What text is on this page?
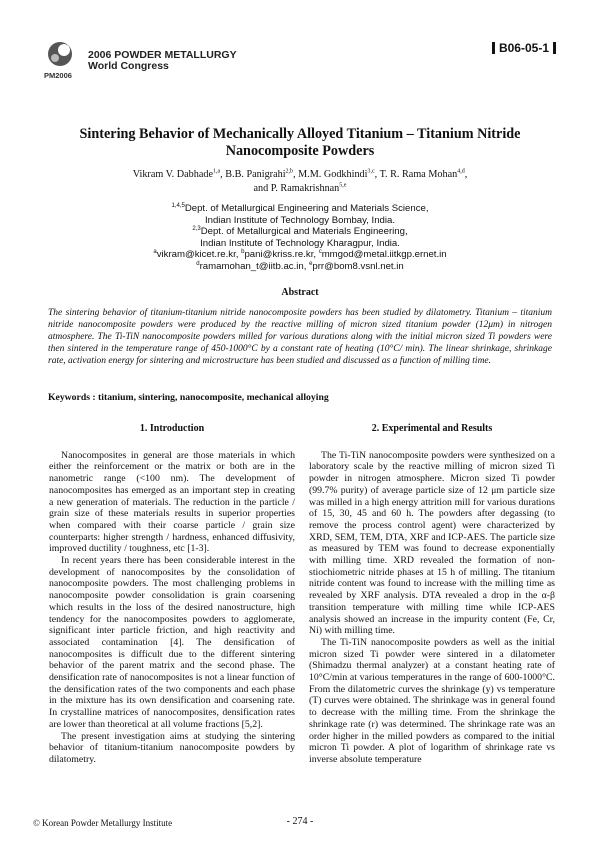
PM2006
2006 POWDER METALLURGY
World Congress
B06-05-1
Sintering Behavior of Mechanically Alloyed Titanium – Titanium Nitride
Nanocomposite Powders
Vikram V. Dabhade$^{1,a}$, B.B. Panigrahi$^{2,b}$, M.M. Godkhindi$^{3,c}$, T. R. Rama Mohan$^{4,d}$,
and P. Ramakrishnan$^{5,e}$
$^{1,4,5}$Dept. of Metallurgical Engineering and Materials Science,
Indian Institute of Technology Bombay, India.
$^{2,3}$Dept. of Metallurgical and Materials Engineering,
Indian Institute of Technology Kharagpur, India.
$^a$vikram@kicet.re.kr, $^b$pani@kriss.re.kr, $^c$mmgod@metal.iitkgp.ernet.in
$^d$ramamohan_t@iitb.ac.in, $^e$prr@bom8.vsnl.net.in
Abstract
The sintering behavior of titanium-titanium nitride nanocomposite powders has been studied by dilatometry. Titanium – titanium nitride nanocomposite powders were produced by the reactive milling of micron sized titanium powder (12μm) in nitrogen atmosphere. The Ti-TiN nanocomposite powders milled for various durations along with the initial micron sized Ti powders were then sintered in the temperature range of 450-1000°C by a constant rate of heating (10°C/ min). The linear shrinkage, shrinkage rate, activation energy for sintering and microstructure has been studied and discussed as a function of milling time.
Keywords : titanium, sintering, nanocomposite, mechanical alloying
1. Introduction

Nanocomposites in general are those materials in which either the reinforcement or the matrix or both are in the nanometric range (<100 nm). The development of nanocomposites has emerged as an important step in creating a new generation of materials. The reduction in the particle / grain size of these materials results in superior properties when compared with their coarse particle / grain size counterparts: higher strength / hardness, enhanced diffusivity, improved ductility / toughness, etc [1-3].

In recent years there has been considerable interest in the development of nanocomposites by the consolidation of nanocomposite powders. The most challenging problems in nanocomposite powder consolidation is grain coarsening which results in the loss of the desired nanostructure, high tendency for the nanocomposites powders to agglomerate, significant inter particle friction, and high reactivity and associated contamination [4]. The densification of nanocomposites is difficult due to the different sintering behavior of the parent matrix and the second phase. The densification rate of nanocomposites is not a linear function of the densification rates of the two components and each phase in the mixture has its own densification and coarsening rate. In crystalline matrices of nanocomposites, densification rates are lower than theoretical at all volume fractions [5,2].

The present investigation aims at studying the sintering behavior of titanium-titanium nanocomposite powders by dilatometry.

2. Experimental and Results

The Ti-TiN nanocomposite powders were synthesized on a laboratory scale by the reactive milling of micron sized Ti powder in nitrogen atmosphere. Micron sized Ti powder (99.7% purity) of average particle size of 12 μm particle size was milled in a high energy attrition mill for various durations of 15, 30, 45 and 60 h. The powders after degassing (to remove the process control agent) were characterized by XRD, SEM, TEM, DTA, XRF and ICP-AES. The particle size as measured by TEM was found to decrease exponentially with milling time. XRD revealed the formation of non- stiochiometric nitride phases at 15 h of milling. The titanium nitride content was found to increase with the milling time as revealed by XRF analysis. DTA revealed a drop in the α-β transition temperature with milling time while ICP-AES analysis showed an increase in the impurity content (Fe, Cr, Ni) with milling time.

The Ti-TiN nanocomposite powders as well as the initial micron sized Ti powder were sintered in a dilatometer (Shimadzu thermal analyzer) at a constant heating rate of 10°C/min at various temperatures in the range of 600-1000°C. From the dilatometric curves the shrinkage (y) vs temperature (T) curves were obtained. The shrinkage was in general found to decrease with the milling time. From the shrinkage the shrinkage rate (r) was determined. The shrinkage rate was an order higher in the milled powders as compared to the initial micron Ti powder. A plot of logarithm of shrinkage rate vs inverse absolute temperature

© Korean Powder Metallurgy Institute	- 274 -
